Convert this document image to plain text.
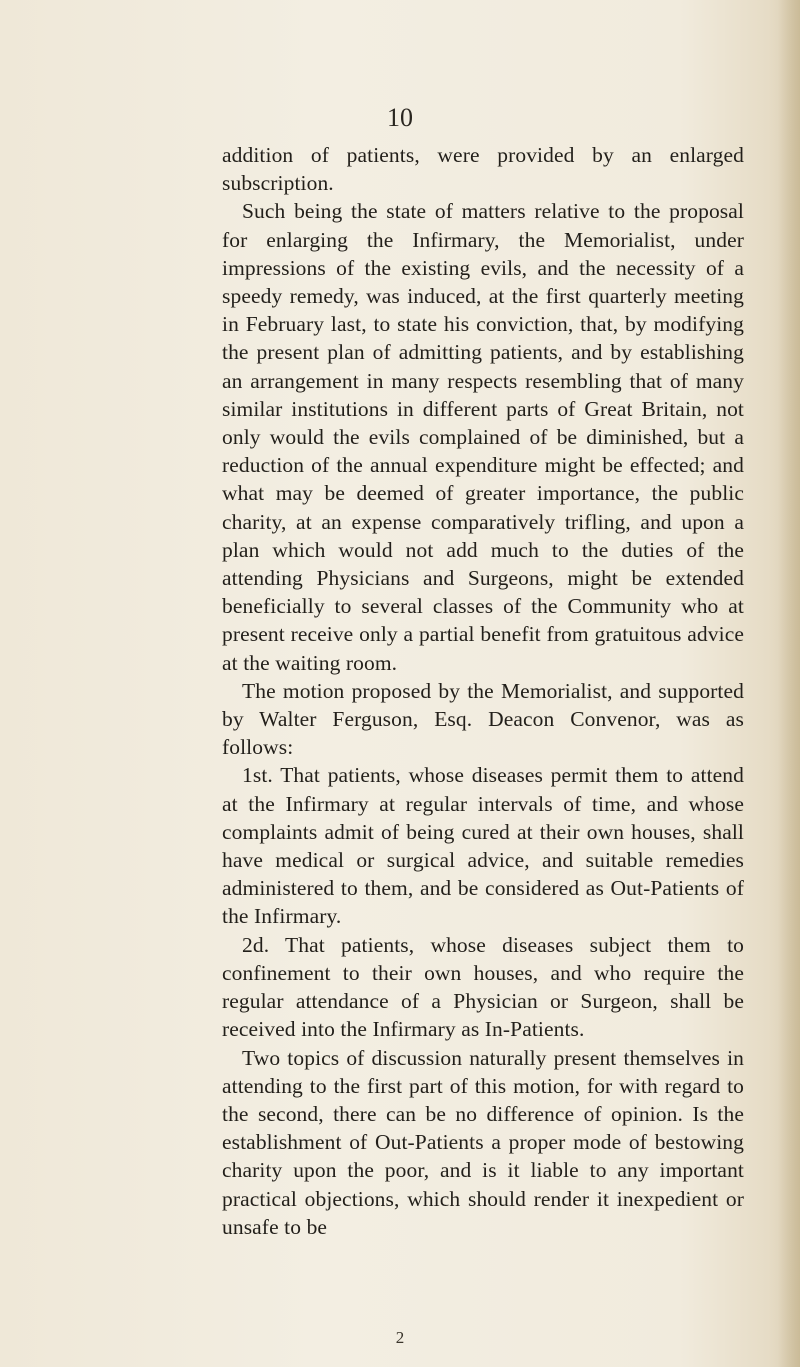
10

addition of patients, were provided by an enlarged subscription.

Such being the state of matters relative to the proposal for enlarging the Infirmary, the Memorialist, under impressions of the existing evils, and the necessity of a speedy remedy, was induced, at the first quarterly meeting in February last, to state his conviction, that, by modifying the present plan of admitting patients, and by establishing an arrangement in many respects resembling that of many similar institutions in different parts of Great Britain, not only would the evils complained of be diminished, but a reduction of the annual expenditure might be effected; and what may be deemed of greater importance, the public charity, at an expense comparatively trifling, and upon a plan which would not add much to the duties of the attending Physicians and Surgeons, might be extended beneficially to several classes of the Community who at present receive only a partial benefit from gratuitous advice at the waiting room.

The motion proposed by the Memorialist, and supported by Walter Ferguson, Esq. Deacon Convenor, was as follows:

1st. That patients, whose diseases permit them to attend at the Infirmary at regular intervals of time, and whose complaints admit of being cured at their own houses, shall have medical or surgical advice, and suitable remedies administered to them, and be considered as Out-Patients of the Infirmary.

2d. That patients, whose diseases subject them to confinement to their own houses, and who require the regular attendance of a Physician or Surgeon, shall be received into the Infirmary as In-Patients.

Two topics of discussion naturally present themselves in attending to the first part of this motion, for with regard to the second, there can be no difference of opinion. Is the establishment of Out-Patients a proper mode of bestowing charity upon the poor, and is it liable to any important practical objections, which should render it inexpedient or unsafe to be

2
